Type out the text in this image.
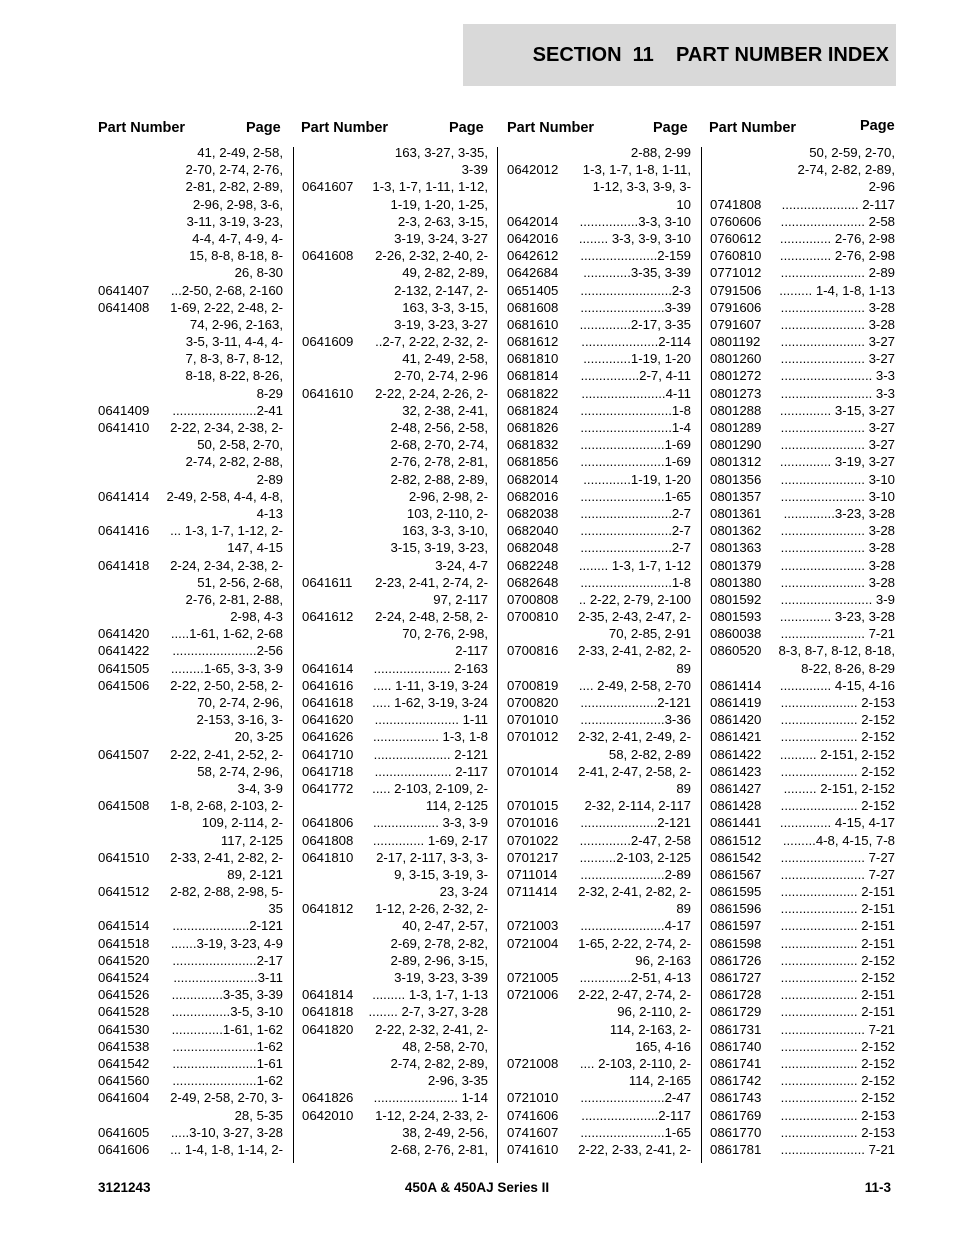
SECTION  11    PART NUMBER INDEX
Part Number	Page Part Number	Page Part Number	Page Part Number	Page
41, 2-49, 2-58,
2-70, 2-74, 2-76,
2-81, 2-82, 2-89,
2-96, 2-98, 3-6,
3-11, 3-19, 3-23,
4-4, 4-7, 4-9, 4-
15, 8-8, 8-18, 8-
26, 8-30
0641407	...2-50, 2-68, 2-160
0641408	1-69, 2-22, 2-48, 2-
74, 2-96, 2-163,
3-5, 3-11, 4-4, 4-
7, 8-3, 8-7, 8-12,
8-18, 8-22, 8-26,
8-29
0641409	.......................2-41
0641410	2-22, 2-34, 2-38, 2-
50, 2-58, 2-70,
2-74, 2-82, 2-88,
2-89
0641414	2-49, 2-58, 4-4, 4-8,
4-13
0641416	... 1-3, 1-7, 1-12, 2-
147, 4-15
0641418	2-24, 2-34, 2-38, 2-
51, 2-56, 2-68,
2-76, 2-81, 2-88,
2-98, 4-3
0641420	.....1-61, 1-62, 2-68
0641422	.......................2-56
0641505	.........1-65, 3-3, 3-9
0641506	2-22, 2-50, 2-58, 2-
70, 2-74, 2-96,
2-153, 3-16, 3-
20, 3-25
0641507	2-22, 2-41, 2-52, 2-
58, 2-74, 2-96,
3-4, 3-9
0641508	1-8, 2-68, 2-103, 2-
109, 2-114, 2-
117, 2-125
0641510	2-33, 2-41, 2-82, 2-
89, 2-121
0641512	2-82, 2-88, 2-98, 5-
35
0641514	.....................2-121
0641518	.......3-19, 3-23, 4-9
0641520	.......................2-17
0641524	.......................3-11
0641526	..............3-35, 3-39
0641528	................3-5, 3-10
0641530	..............1-61, 1-62
0641538	.......................1-62
0641542	.......................1-61
0641560	.......................1-62
0641604	2-49, 2-58, 2-70, 3-
28, 5-35
0641605	.....3-10, 3-27, 3-28
0641606	... 1-4, 1-8, 1-14, 2-
163, 3-27, 3-35,
3-39
0641607	1-3, 1-7, 1-11, 1-12,
1-19, 1-20, 1-25,
2-3, 2-63, 3-15,
3-19, 3-24, 3-27
0641608	2-26, 2-32, 2-40, 2-
49, 2-82, 2-89,
2-132, 2-147, 2-
163, 3-3, 3-15,
3-19, 3-23, 3-27
0641609	..2-7, 2-22, 2-32, 2-
41, 2-49, 2-58,
2-70, 2-74, 2-96
0641610	2-22, 2-24, 2-26, 2-
32, 2-38, 2-41,
2-48, 2-56, 2-58,
2-68, 2-70, 2-74,
2-76, 2-78, 2-81,
2-82, 2-88, 2-89,
2-96, 2-98, 2-
103, 2-110, 2-
163, 3-3, 3-10,
3-15, 3-19, 3-23,
3-24, 4-7
0641611	2-23, 2-41, 2-74, 2-
97, 2-117
0641612	2-24, 2-48, 2-58, 2-
70, 2-76, 2-98,
2-117
0641614	..................... 2-163
0641616	..... 1-11, 3-19, 3-24
0641618	..... 1-62, 3-19, 3-24
0641620	....................... 1-11
0641626	.................. 1-3, 1-8
0641710	..................... 2-121
0641718	..................... 2-117
0641772	..... 2-103, 2-109, 2-
114, 2-125
0641806	.................. 3-3, 3-9
0641808	.............. 1-69, 2-17
0641810	2-17, 2-117, 3-3, 3-
9, 3-15, 3-19, 3-
23, 3-24
0641812	1-12, 2-26, 2-32, 2-
40, 2-47, 2-57,
2-69, 2-78, 2-82,
2-89, 2-96, 3-15,
3-19, 3-23, 3-39
0641814	......... 1-3, 1-7, 1-13
0641818	........ 2-7, 3-27, 3-28
0641820	2-22, 2-32, 2-41, 2-
48, 2-58, 2-70,
2-74, 2-82, 2-89,
2-96, 3-35
0641826	....................... 1-14
0642010	1-12, 2-24, 2-33, 2-
38, 2-49, 2-56,
2-68, 2-76, 2-81,
2-88, 2-99
0642012	1-3, 1-7, 1-8, 1-11,
1-12, 3-3, 3-9, 3-
10
0642014	................3-3, 3-10
0642016	........ 3-3, 3-9, 3-10
0642612	.....................2-159
0642684	.............3-35, 3-39
0651405	.........................2-3
0681608	.......................3-39
0681610	..............2-17, 3-35
0681612	.....................2-114
0681810	.............1-19, 1-20
0681814	................2-7, 4-11
0681822	.......................4-11
0681824	.........................1-8
0681826	.........................1-4
0681832	.......................1-69
0681856	.......................1-69
0682014	.............1-19, 1-20
0682016	.......................1-65
0682038	.........................2-7
0682040	.........................2-7
0682048	.........................2-7
0682248	........ 1-3, 1-7, 1-12
0682648	.........................1-8
0700808	.. 2-22, 2-79, 2-100
0700810	2-35, 2-43, 2-47, 2-
70, 2-85, 2-91
0700816	2-33, 2-41, 2-82, 2-
89
0700819	.... 2-49, 2-58, 2-70
0700820	.....................2-121
0701010	.......................3-36
0701012	2-32, 2-41, 2-49, 2-
58, 2-82, 2-89
0701014	2-41, 2-47, 2-58, 2-
89
0701015	2-32, 2-114, 2-117
0701016	.....................2-121
0701022	..............2-47, 2-58
0701217	..........2-103, 2-125
0711014	.......................2-89
0711414	2-32, 2-41, 2-82, 2-
89
0721003	.......................4-17
0721004	1-65, 2-22, 2-74, 2-
96, 2-163
0721005	..............2-51, 4-13
0721006	2-22, 2-47, 2-74, 2-
96, 2-110, 2-
114, 2-163, 2-
165, 4-16
0721008	.... 2-103, 2-110, 2-
114, 2-165
0721010	.......................2-47
0741606	.....................2-117
0741607	.......................1-65
0741610	2-22, 2-33, 2-41, 2-
50, 2-59, 2-70,
2-74, 2-82, 2-89,
2-96
0741808	..................... 2-117
0760606	....................... 2-58
0760612	.............. 2-76, 2-98
0760810	.............. 2-76, 2-98
0771012	....................... 2-89
0791506	......... 1-4, 1-8, 1-13
0791606	....................... 3-28
0791607	....................... 3-28
0801192	....................... 3-27
0801260	....................... 3-27
0801272	......................... 3-3
0801273	......................... 3-3
0801288	.............. 3-15, 3-27
0801289	....................... 3-27
0801290	....................... 3-27
0801312	.............. 3-19, 3-27
0801356	....................... 3-10
0801357	....................... 3-10
0801361	..............3-23, 3-28
0801362	....................... 3-28
0801363	....................... 3-28
0801379	....................... 3-28
0801380	....................... 3-28
0801592	......................... 3-9
0801593	.............. 3-23, 3-28
0860038	....................... 7-21
0860520	8-3, 8-7, 8-12, 8-18,
8-22, 8-26, 8-29
0861414	.............. 4-15, 4-16
0861419	..................... 2-153
0861420	..................... 2-152
0861421	..................... 2-152
0861422	.......... 2-151, 2-152
0861423	..................... 2-152
0861427	......... 2-151, 2-152
0861428	..................... 2-152
0861441	.............. 4-15, 4-17
0861512	.........4-8, 4-15, 7-8
0861542	....................... 7-27
0861567	....................... 7-27
0861595	..................... 2-151
0861596	..................... 2-151
0861597	..................... 2-151
0861598	..................... 2-151
0861726	..................... 2-152
0861727	..................... 2-152
0861728	..................... 2-151
0861729	..................... 2-151
0861731	....................... 7-21
0861740	..................... 2-152
0861741	..................... 2-152
0861742	..................... 2-152
0861743	..................... 2-152
0861769	..................... 2-153
0861770	..................... 2-153
0861781	....................... 7-21
3121243	450A & 450AJ Series II	11-3
